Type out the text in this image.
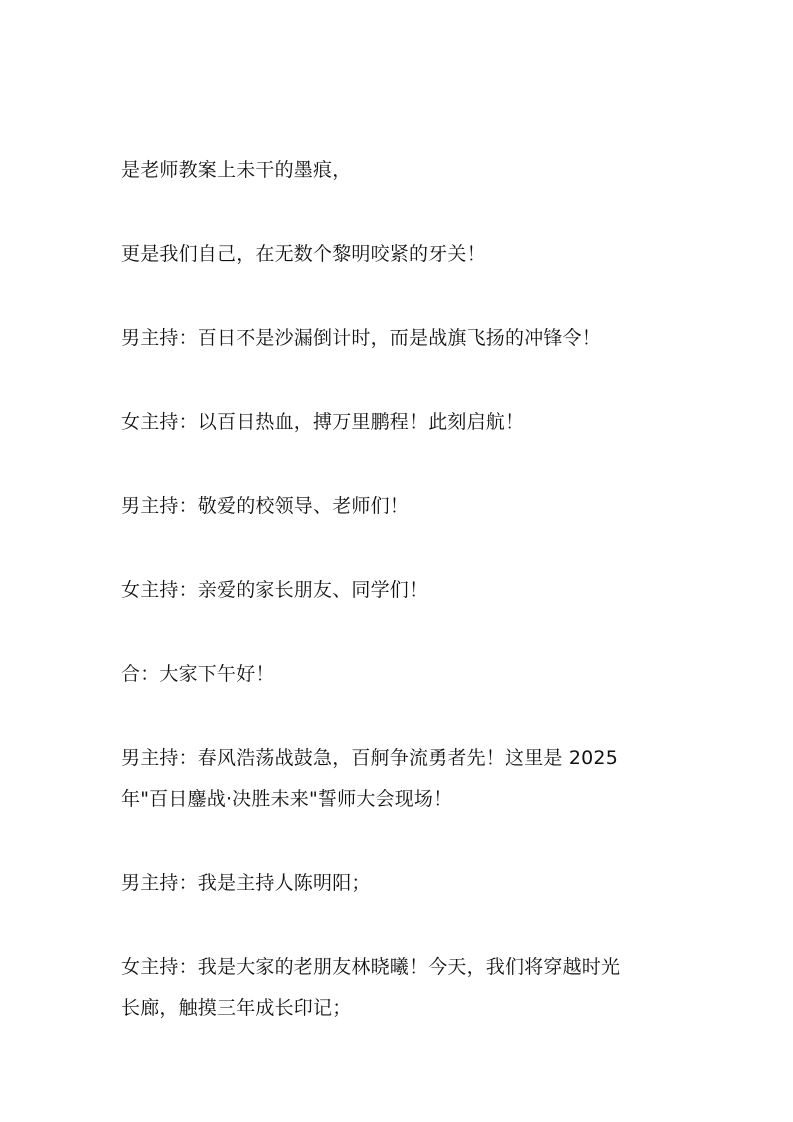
是老师教案上未干的墨痕，

更是我们自己，在无数个黎明咬紧的牙关！

男主持：百日不是沙漏倒计时，而是战旗飞扬的冲锋令！

女主持：以百日热血，搏万里鹏程！此刻启航！

男主持：敬爱的校领导、老师们！

女主持：亲爱的家长朋友、同学们！

合：大家下午好！

男主持：春风浩荡战鼓急，百舸争流勇者先！这里是 2025
年"百日鏖战·决胜未来"誓师大会现场！

男主持：我是主持人陈明阳；

女主持：我是大家的老朋友林晓曦！今天，我们将穿越时光
长廊，触摸三年成长印记；
